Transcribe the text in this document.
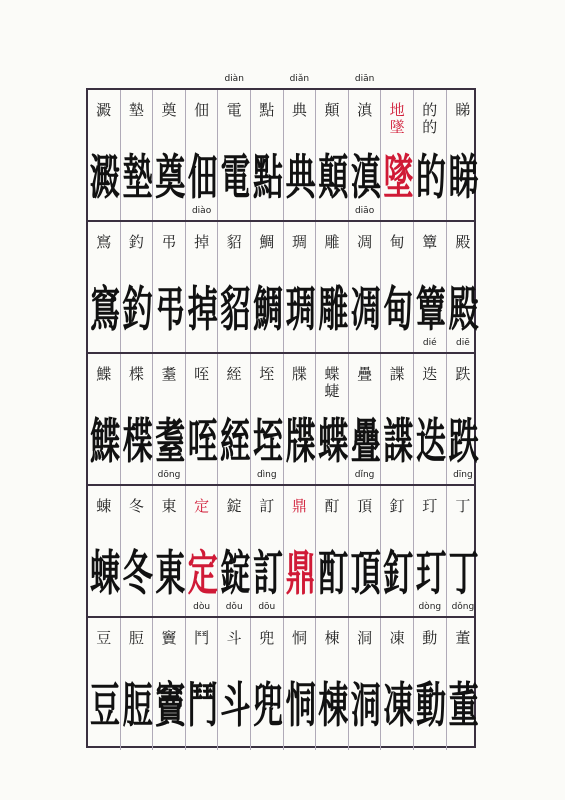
睇
睇
的
的
的
地
墜
墜
diān
滇
滇
顛
顛
diǎn
典
典
點
點
diàn
電
電
佃
佃
奠
奠
墊
墊
澱
澱
殿
殿
簟
簟
甸
甸
diāo
凋
凋
雕
雕
琱
琱
鯛
鯛
貂
貂
diào
掉
掉
弔
弔
釣
釣
窵
窵
diē
跌
跌
dié
迭
迭
諜
諜
疊
疊
蝶
蜨
蝶
牒
牒
垤
垤
絰
絰
咥
咥
耋
耋
楪
楪
鰈
鰈
dīng
丁
丁
玎
玎
釘
釘
dǐng
頂
頂
酊
酊
鼎
鼎
dìng
訂
訂
錠
錠
定
定
dōng
東
東
冬
冬
蝀
蝀
dǒng
董
董
dòng
動
動
凍
凍
洞
洞
棟
棟
恫
恫
dōu
兜
兜
dǒu
斗
斗
dòu
鬥
鬥
竇
竇
脰
脰
豆
豆
